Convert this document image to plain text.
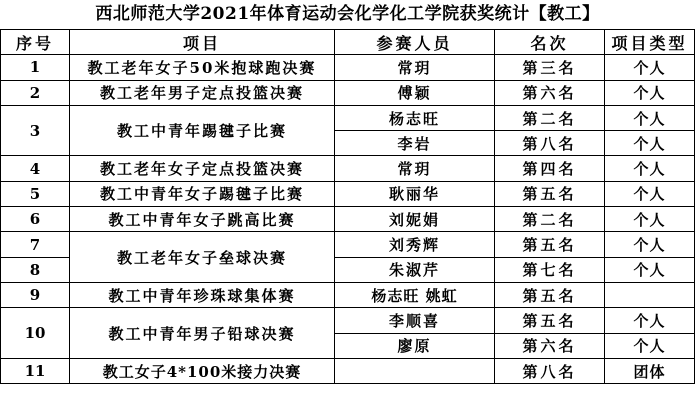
西北师范大学2021年体育运动会化学化工学院获奖统计【教工】
序号	项目	参赛人员	名次	项目类型
1	教工老年女子50米抱球跑决赛	常玥	第三名	个人
2	教工老年男子定点投篮决赛	傅颖	第六名	个人
3	教工中青年踢毽子比赛	杨志旺	第二名	个人
		李岩	第八名	个人
4	教工老年女子定点投篮决赛	常玥	第四名	个人
5	教工中青年女子踢毽子比赛	耿丽华	第五名	个人
6	教工中青年女子跳高比赛	刘妮娟	第二名	个人
7	教工老年女子垒球决赛	刘秀辉	第五名	个人
8		朱淑芹	第七名	个人
9	教工中青年珍珠球集体赛	杨志旺 姚虹	第五名	
10	教工中青年男子铅球决赛	李顺喜	第五名	个人
		廖原	第六名	个人
11	教工女子4*100米接力决赛		第八名	团体
